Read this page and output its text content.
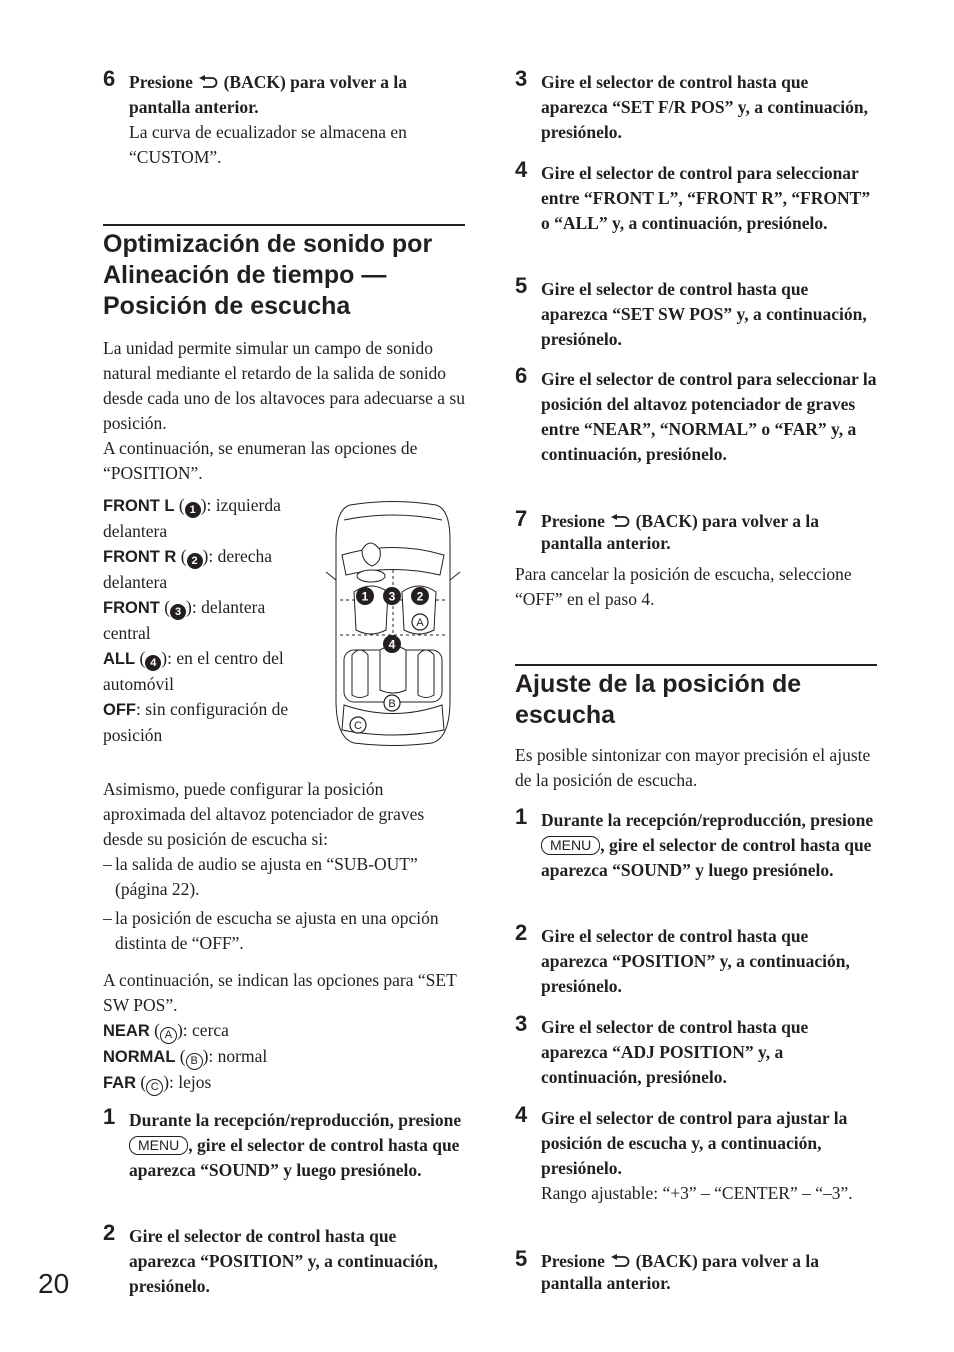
6 Presione  (BACK) para volver a la pantalla anterior.
La curva de ecualizador se almacena en “CUSTOM”.
Optimización de sonido por
Alineación de tiempo —
Posición de escucha
La unidad permite simular un campo de sonido natural mediante el retardo de la salida de sonido desde cada uno de los altavoces para adecuarse a su posición.
A continuación, se enumeran las opciones de “POSITION”.
FRONT L ( 1 ): izquierda
delantera
FRONT R ( 2 ): derecha
delantera
FRONT ( 3 ): delantera
central
ALL ( 4 ): en el centro del
automóvil
OFF: sin configuración de
posición
Asimismo, puede configurar la posición aproximada del altavoz potenciador de graves desde su posición de escucha si:
– la salida de audio se ajusta en “SUB-OUT” (página 22).
– la posición de escucha se ajusta en una opción distinta de “OFF”.
A continuación, se indican las opciones para “SET SW POS”.
NEAR ( A ): cerca
NORMAL ( B ): normal
FAR ( C ): lejos
1 Durante la recepción/reproducción, presione MENU , gire el selector de control hasta que aparezca “SOUND” y luego presiónelo.
2 Gire el selector de control hasta que aparezca “POSITION” y, a continuación, presiónelo.
1 3 2
4
A
B
C
3 Gire el selector de control hasta que aparezca “SET F/R POS” y, a continuación, presiónelo.
4 Gire el selector de control para seleccionar entre “FRONT L”, “FRONT R”, “FRONT” o “ALL” y, a continuación, presiónelo.
5 Gire el selector de control hasta que aparezca “SET SW POS” y, a continuación, presiónelo.
6 Gire el selector de control para seleccionar la posición del altavoz potenciador de graves entre “NEAR”, “NORMAL” o “FAR” y, a continuación, presiónelo.
7 Presione  (BACK) para volver a la pantalla anterior.
Para cancelar la posición de escucha, seleccione “OFF” en el paso 4.
Ajuste de la posición de
escucha
Es posible sintonizar con mayor precisión el ajuste de la posición de escucha.
1 Durante la recepción/reproducción, presione MENU , gire el selector de control hasta que aparezca “SOUND” y luego presiónelo.
2 Gire el selector de control hasta que aparezca “POSITION” y, a continuación, presiónelo.
3 Gire el selector de control hasta que aparezca “ADJ POSITION” y, a continuación, presiónelo.
4 Gire el selector de control para ajustar la posición de escucha y, a continuación, presiónelo.
Rango ajustable: “+3” – “CENTER” – “–3”.
5 Presione  (BACK) para volver a la pantalla anterior.
20
